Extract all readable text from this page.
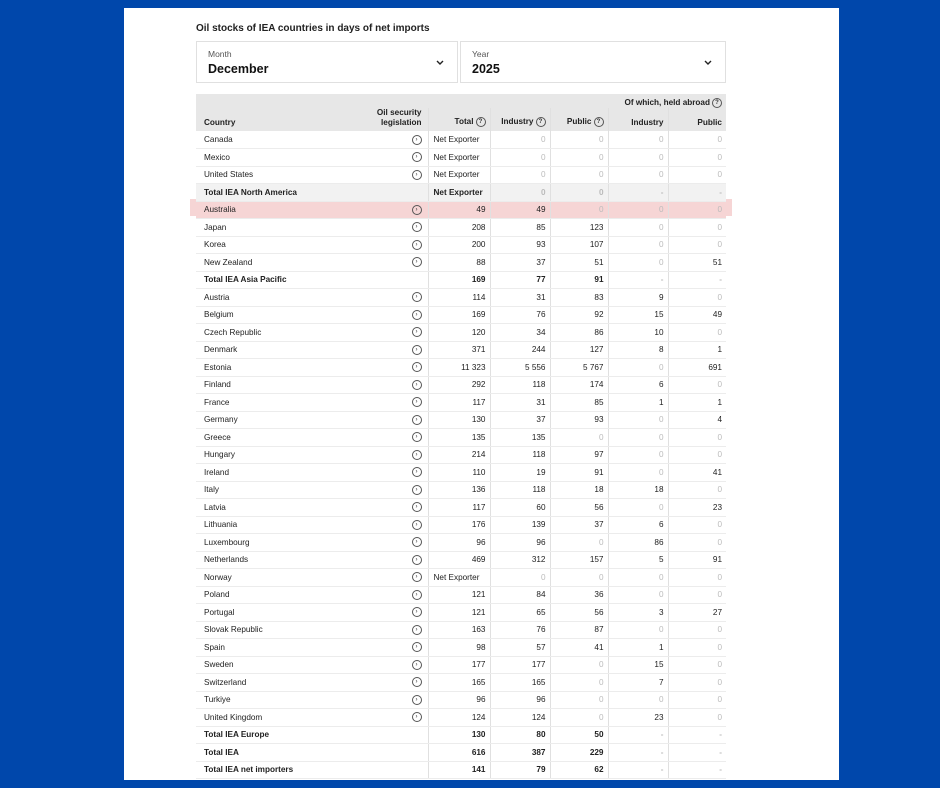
Oil stocks of IEA countries in days of net imports
Month
December
Year
2025
					Of which, held abroad ?	
Country	Oil security legislation	Total ?	Industry ?	Public ?	Industry	Public
Canada	›	Net Exporter	0	0	0	0
Mexico	›	Net Exporter	0	0	0	0
United States	›	Net Exporter	0	0	0	0
Total IEA North America		Net Exporter	0	0	-	-
Australia	›	49	49	0	0	0
Japan	›	208	85	123	0	0
Korea	›	200	93	107	0	0
New Zealand	›	88	37	51	0	51
Total IEA Asia Pacific		169	77	91	-	-
Austria	›	114	31	83	9	0
Belgium	›	169	76	92	15	49
Czech Republic	›	120	34	86	10	0
Denmark	›	371	244	127	8	1
Estonia	›	11 323	5 556	5 767	0	691
Finland	›	292	118	174	6	0
France	›	117	31	85	1	1
Germany	›	130	37	93	0	4
Greece	›	135	135	0	0	0
Hungary	›	214	118	97	0	0
Ireland	›	110	19	91	0	41
Italy	›	136	118	18	18	0
Latvia	›	117	60	56	0	23
Lithuania	›	176	139	37	6	0
Luxembourg	›	96	96	0	86	0
Netherlands	›	469	312	157	5	91
Norway	›	Net Exporter	0	0	0	0
Poland	›	121	84	36	0	0
Portugal	›	121	65	56	3	27
Slovak Republic	›	163	76	87	0	0
Spain	›	98	57	41	1	0
Sweden	›	177	177	0	15	0
Switzerland	›	165	165	0	7	0
Turkiye	›	96	96	0	0	0
United Kingdom	›	124	124	0	23	0
Total IEA Europe		130	80	50	-	-
Total IEA		616	387	229	-	-
Total IEA net importers		141	79	62	-	-
